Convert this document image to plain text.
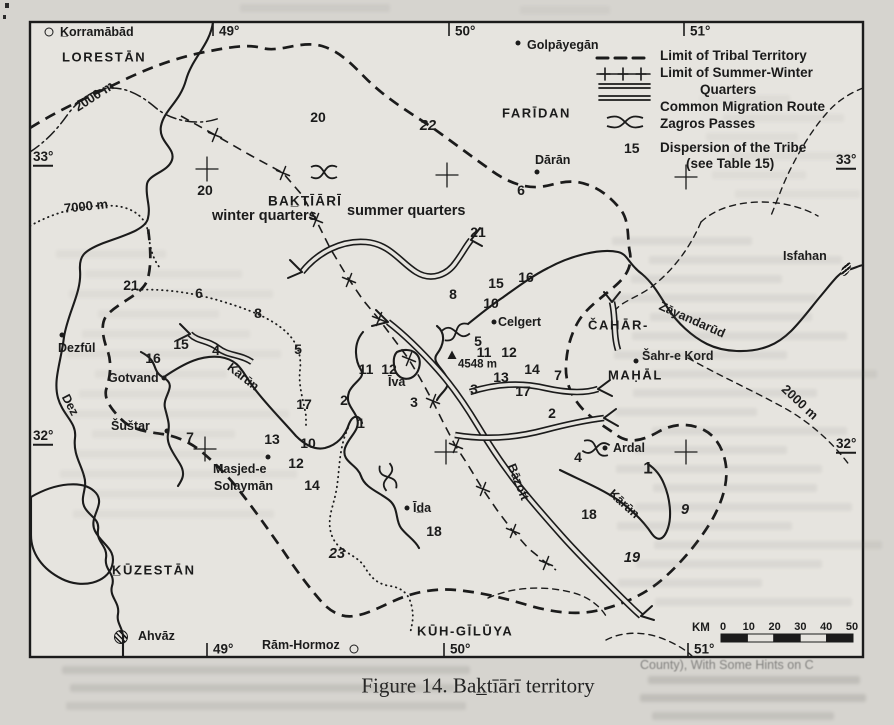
15
Limit of Tribal Territory
Limit of Summer-Winter
Quarters
Common Migration Route
Zagros Passes
Dispersion of the Tribe
(see Table 15)
KM 0 10 20 30 40 50
Figure 14. Bak̲tīārī territory
County), With Some Hints on C
LORESTĀN
FARĪDAN
ČAHĀR-
MAḤĀL
K̲ŪZESTĀN
KŪH-GĪLŪYA
BAK̲TĪĀRĪ
winter quarters summer quarters
K̲orramābād
Golpāyegān
Dārān
Isfahan
Šahr-e Kord
Ardal
Celgert
Īva
Dezfūl
Gotvand
Šuštar
Masjed-e
Solaymān
Īd̲a
Ahvāz
Rām-Hormoz
Dez
Kārūn
Kārūn
Zāyandarūd
Bāzoft
2000 m
7000 m
2000 m
4548 m
20
20
22
21
21
6
6	8
8
15
15
16
16
10
10
5
5
4
4
11
11
12
12
12
14
14
13
13
3
3
17
17
2
2
1
1
7
7
9
18
18
19
23
49°	50°	51°
49°	50°	51°
33°
32°
33°
32°
